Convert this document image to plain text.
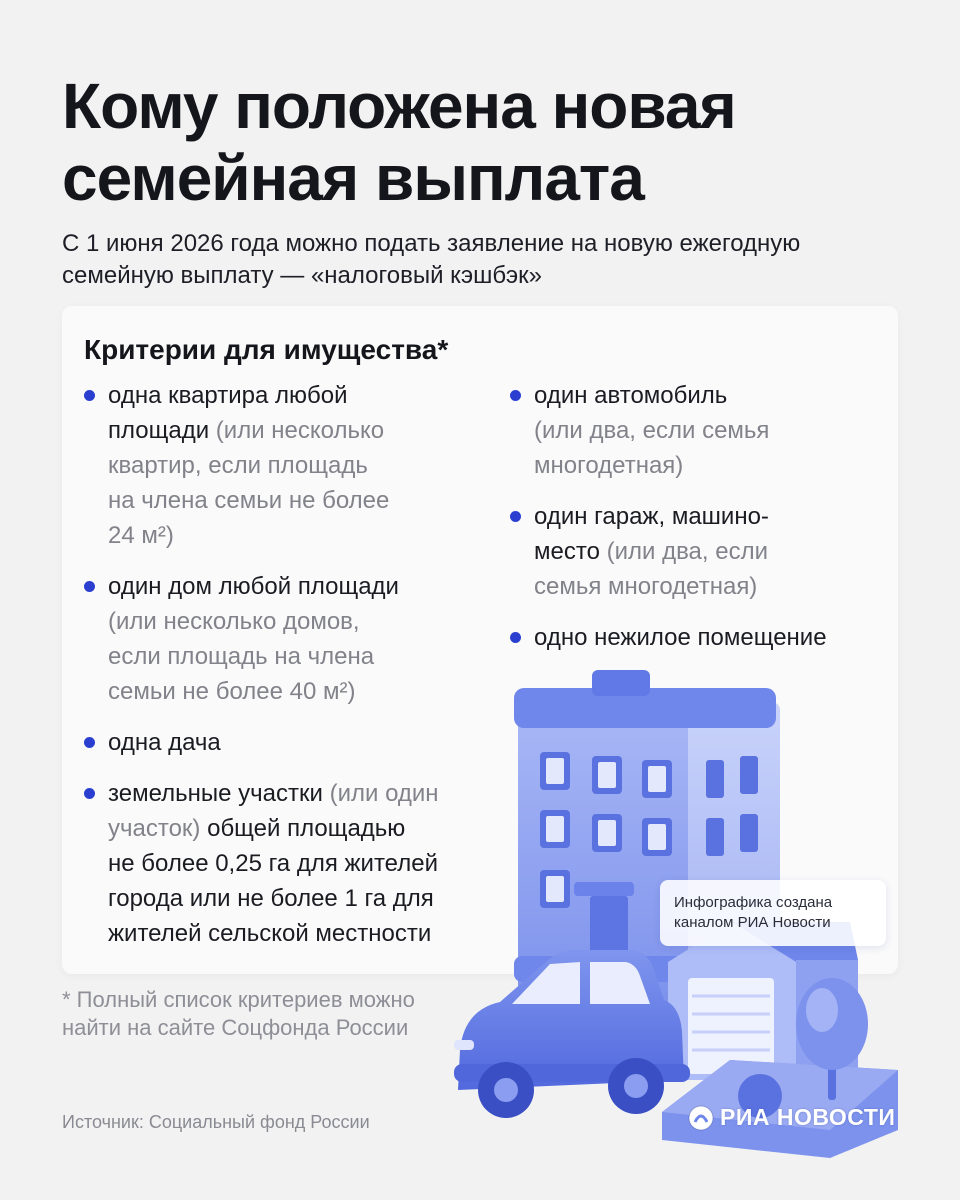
Кому положена новая
семейная выплата
С 1 июня 2026 года можно подать заявление на новую ежегодную
семейную выплату — «налоговый кэшбэк»
Критерии для имущества*
одна квартира любой
площади (или несколько
квартир, если площадь
на члена семьи не более
24 м²)
один дом любой площади
(или несколько домов,
если площадь на члена
семьи не более 40 м²)
одна дача
земельные участки (или один
участок) общей площадью
не более 0,25 га для жителей
города или не более 1 га для
жителей сельской местности
один автомобиль
(или два, если семья
многодетная)
один гараж, машино-
место (или два, если
семья многодетная)
одно нежилое помещение
Инфографика создана
каналом РИА Новости
* Полный список критериев можно
найти на сайте Соцфонда России
Источник: Социальный фонд России	РИА НОВОСТИ
